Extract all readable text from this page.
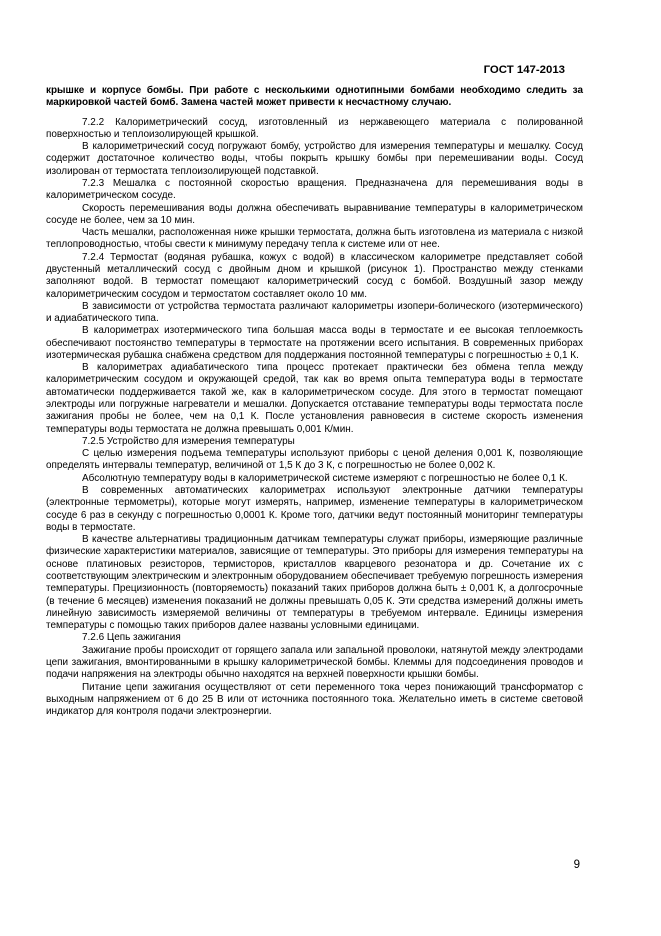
ГОСТ 147-2013

крышке и корпусе бомбы. При работе с несколькими однотипными бомбами необходимо следить за маркировкой частей бомб. Замена частей может привести к несчастному случаю.

7.2.2 Калориметрический сосуд, изготовленный из нержавеющего материала с полированной поверхностью и теплоизолирующей крышкой.

В калориметрический сосуд погружают бомбу, устройство для измерения температуры и мешалку. Сосуд содержит достаточное количество воды, чтобы покрыть крышку бомбы при перемешивании воды. Сосуд изолирован от термостата теплоизолирующей подставкой.

7.2.3 Мешалка с постоянной скоростью вращения. Предназначена для перемешивания воды в калориметрическом сосуде.

Скорость перемешивания воды должна обеспечивать выравнивание температуры в калориметрическом сосуде не более, чем за 10 мин.

Часть мешалки, расположенная ниже крышки термостата, должна быть изготовлена из материала с низкой теплопроводностью, чтобы свести к минимуму передачу тепла к системе или от нее.

7.2.4 Термостат (водяная рубашка, кожух с водой) в классическом калориметре представляет собой двустенный металлический сосуд с двойным дном и крышкой (рисунок 1). Пространство между стенками заполняют водой. В термостат помещают калориметрический сосуд с бомбой. Воздушный зазор между калориметрическим сосудом и термостатом составляет около 10 мм.

В зависимости от устройства термостата различают калориметры изопери-болического (изотермического) и адиабатического типа.

В калориметрах изотермического типа большая масса воды в термостате и ее высокая теплоемкость обеспечивают постоянство температуры в термостате на протяжении всего испытания. В современных приборах изотермическая рубашка снабжена средством для поддержания постоянной температуры с погрешностью ± 0,1 К.

В калориметрах адиабатического типа процесс протекает практически без обмена тепла между калориметрическим сосудом и окружающей средой, так как во время опыта температура воды в термостате автоматически поддерживается такой же, как в калориметрическом сосуде. Для этого в термостат помещают электроды или погружные нагреватели и мешалки. Допускается отставание температуры воды термостата после зажигания пробы не более, чем на 0,1 К. После установления равновесия в системе скорость изменения температуры воды термостата не должна превышать 0,001 К/мин.

7.2.5 Устройство для измерения температуры

С целью измерения подъема температуры используют приборы с ценой деления 0,001 К, позволяющие определять интервалы температур, величиной от 1,5 К до 3 К, с погрешностью не более 0,002 К.

Абсолютную температуру воды в калориметрической системе измеряют с погрешностью не более 0,1 К.

В современных автоматических калориметрах используют электронные датчики температуры (электронные термометры), которые могут измерять, например, изменение температуры в калориметрическом сосуде 6 раз в секунду с погрешностью 0,0001 К. Кроме того, датчики ведут постоянный мониторинг температуры воды в термостате.

В качестве альтернативы традиционным датчикам температуры служат приборы, измеряющие различные физические характеристики материалов, зависящие от температуры. Это приборы для измерения температуры на основе платиновых резисторов, термисторов, кристаллов кварцевого резонатора и др. Сочетание их с соответствующим электрическим и электронным оборудованием обеспечивает требуемую погрешность измерения температуры. Прецизионность (повторяемость) показаний таких приборов должна быть ± 0,001 К, а долгосрочные (в течение 6 месяцев) изменения показаний не должны превышать 0,05 К. Эти средства измерений должны иметь линейную зависимость измеряемой величины от температуры в требуемом интервале. Единицы измерения температуры с помощью таких приборов далее названы условными единицами.

7.2.6 Цепь зажигания

Зажигание пробы происходит от горящего запала или запальной проволоки, натянутой между электродами цепи зажигания, вмонтированными в крышку калориметрической бомбы. Клеммы для подсоединения проводов и подачи напряжения на электроды обычно находятся на верхней поверхности крышки бомбы.

Питание цепи зажигания осуществляют от сети переменного тока через понижающий трансформатор с выходным напряжением от 6 до 25 В или от источника постоянного тока. Желательно иметь в системе световой индикатор для контроля подачи электроэнергии.

9
